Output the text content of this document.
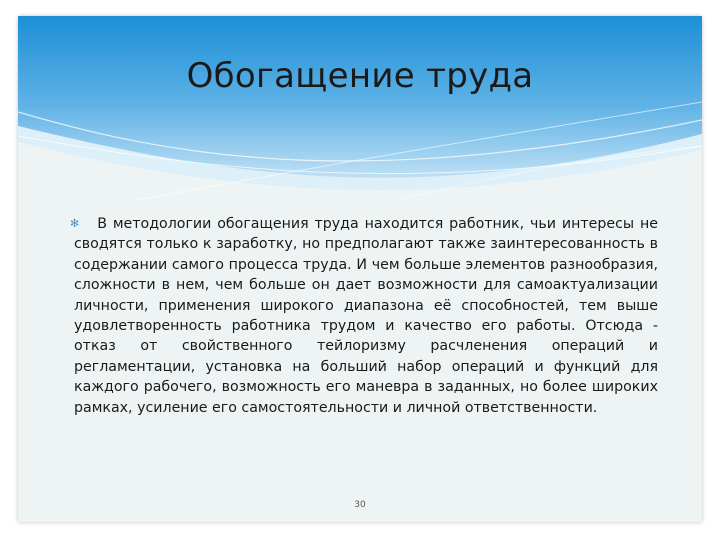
Обогащение труда
✻ В методологии обогащения труда находится работник, чьи интересы не сводятся только к заработку, но предполагают также заинтересованность в содержании самого процесса труда. И чем больше элементов разнообразия, сложности в нем, чем больше он дает возможности для самоактуализации личности, применения широкого диапазона её способностей, тем выше удовлетворенность работника трудом и качество его работы. Отсюда - отказ от свойственного тейлоризму расчленения операций и регламентации, установка на больший набор операций и функций для каждого рабочего, возможность его маневра в заданных, но более широких рамках, усиление его самостоятельности и личной ответственности.
30
